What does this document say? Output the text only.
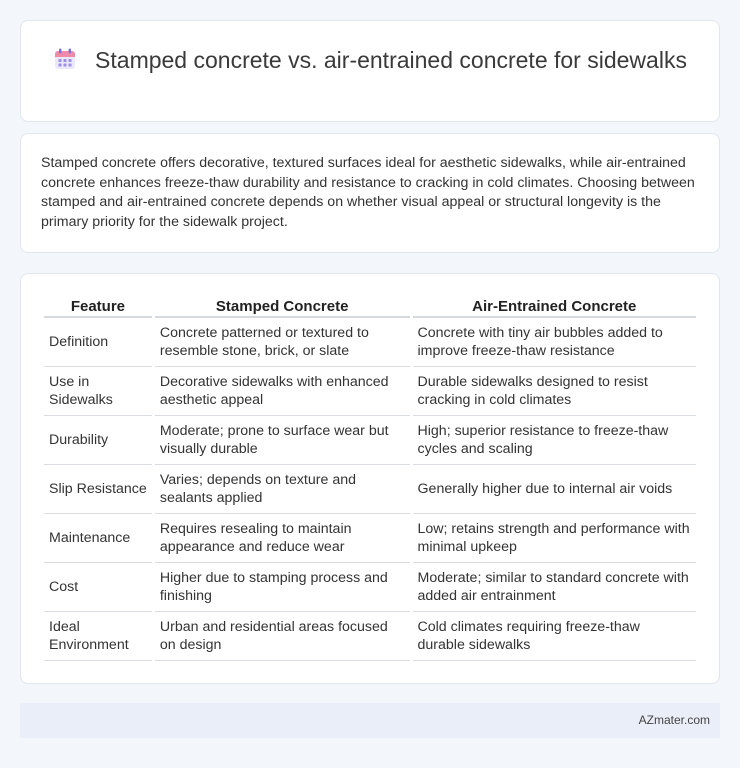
Stamped concrete vs. air-entrained concrete for sidewalks

Stamped concrete offers decorative, textured surfaces ideal for aesthetic sidewalks, while air-entrained concrete enhances freeze-thaw durability and resistance to cracking in cold climates. Choosing between stamped and air-entrained concrete depends on whether visual appeal or structural longevity is the primary priority for the sidewalk project.

Feature	Stamped Concrete	Air-Entrained Concrete
Definition	Concrete patterned or textured to resemble stone, brick, or slate	Concrete with tiny air bubbles added to improve freeze-thaw resistance
Use in Sidewalks	Decorative sidewalks with enhanced aesthetic appeal	Durable sidewalks designed to resist cracking in cold climates
Durability	Moderate; prone to surface wear but visually durable	High; superior resistance to freeze-thaw cycles and scaling
Slip Resistance	Varies; depends on texture and sealants applied	Generally higher due to internal air voids
Maintenance	Requires resealing to maintain appearance and reduce wear	Low; retains strength and performance with minimal upkeep
Cost	Higher due to stamping process and finishing	Moderate; similar to standard concrete with added air entrainment
Ideal Environment	Urban and residential areas focused on design	Cold climates requiring freeze-thaw durable sidewalks
AZmater.com
